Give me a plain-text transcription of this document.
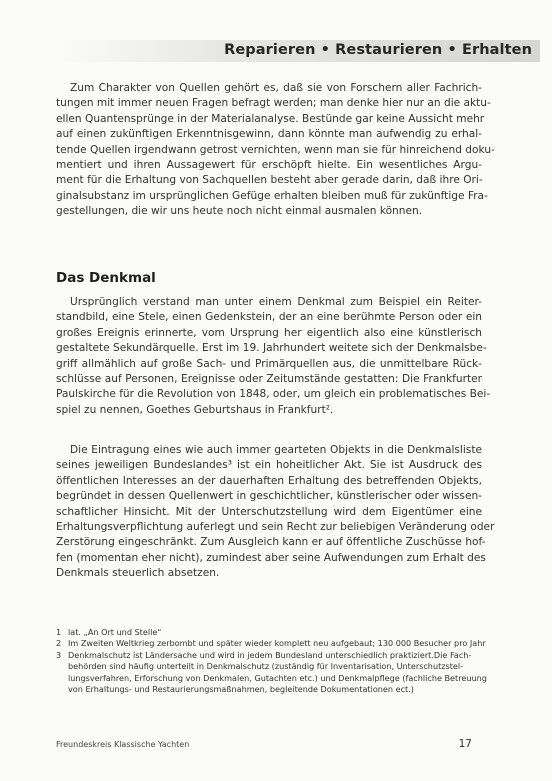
Reparieren • Restaurieren • Erhalten
Zum Charakter von Quellen gehört es, daß sie von Forschern aller Fachrich-
tungen mit immer neuen Fragen befragt werden; man denke hier nur an die aktu-
ellen Quantensprünge in der Materialanalyse. Bestünde gar keine Aussicht mehr
auf einen zukünftigen Erkenntnisgewinn, dann könnte man aufwendig zu erhal-
tende Quellen irgendwann getrost vernichten, wenn man sie für hinreichend doku-
mentiert und ihren Aussagewert für erschöpft hielte. Ein wesentliches Argu-
ment für die Erhaltung von Sachquellen besteht aber gerade darin, daß ihre Ori-
ginalsubstanz im ursprünglichen Gefüge erhalten bleiben muß für zukünftige Fra-
gestellungen, die wir uns heute noch nicht einmal ausmalen können.
Das Denkmal
Ursprünglich verstand man unter einem Denkmal zum Beispiel ein Reiter-
standbild, eine Stele, einen Gedenkstein, der an eine berühmte Person oder ein
großes Ereignis erinnerte, vom Ursprung her eigentlich also eine künstlerisch
gestaltete Sekundärquelle. Erst im 19. Jahrhundert weitete sich der Denkmalsbe-
griff allmählich auf große Sach- und Primärquellen aus, die unmittelbare Rück-
schlüsse auf Personen, Ereignisse oder Zeitumstände gestatten: Die Frankfurter
Paulskirche für die Revolution von 1848, oder, um gleich ein problematisches Bei-
spiel zu nennen, Goethes Geburtshaus in Frankfurt².
Die Eintragung eines wie auch immer gearteten Objekts in die Denkmalsliste
seines jeweiligen Bundeslandes³ ist ein hoheitlicher Akt. Sie ist Ausdruck des
öffentlichen Interesses an der dauerhaften Erhaltung des betreffenden Objekts,
begründet in dessen Quellenwert in geschichtlicher, künstlerischer oder wissen-
schaftlicher Hinsicht. Mit der Unterschutzstellung wird dem Eigentümer eine
Erhaltungsverpflichtung auferlegt und sein Recht zur beliebigen Veränderung oder
Zerstörung eingeschränkt. Zum Ausgleich kann er auf öffentliche Zuschüsse hof-
fen (momentan eher nicht), zumindest aber seine Aufwendungen zum Erhalt des
Denkmals steuerlich absetzen.
1 lat. „An Ort und Stelle“
2 Im Zweiten Weltkrieg zerbombt und später wieder komplett neu aufgebaut; 130 000 Besucher pro Jahr
3 Denkmalschutz ist Ländersache und wird in jedem Bundesland unterschiedlich praktiziert.Die Fach-
behörden sind häufig unterteilt in Denkmalschutz (zuständig für Inventarisation, Unterschutzstel-
lungsverfahren, Erforschung von Denkmalen, Gutachten etc.) und Denkmalpflege (fachliche Betreuung
von Erhaltungs- und Restaurierungsmaßnahmen, begleitende Dokumentationen ect.)
Freundeskreis Klassische Yachten	17
